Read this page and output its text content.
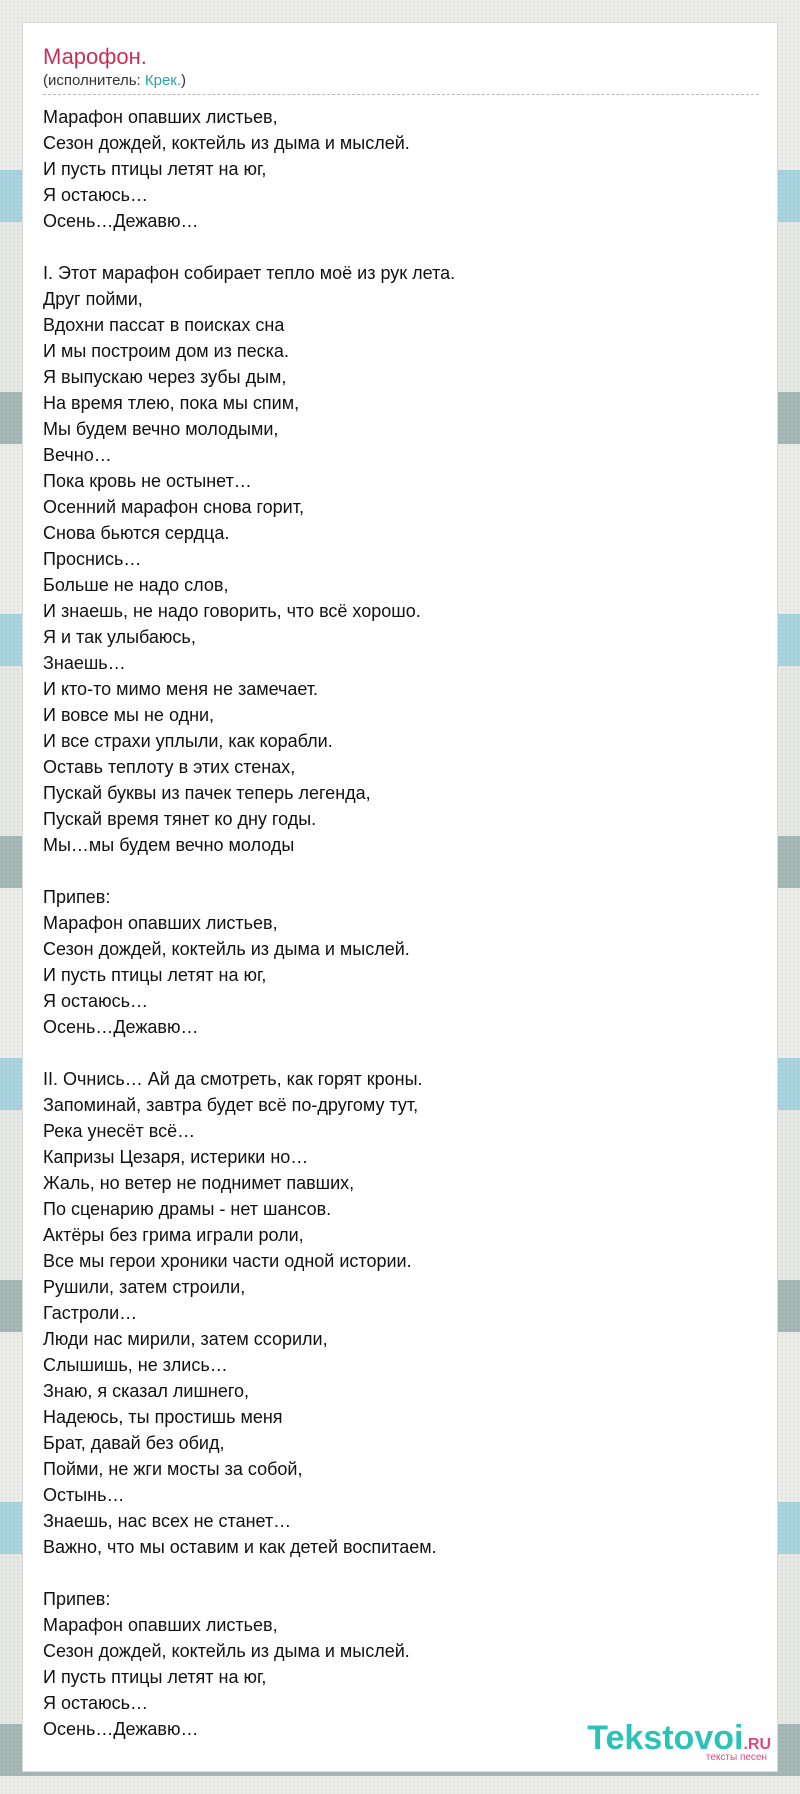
Марофон.
(исполнитель: Крек.)
Марафон опавших листьев,
Сезон дождей, коктейль из дыма и мыслей.
И пусть птицы летят на юг,
Я остаюсь…
Осень…Дежавю…
I. Этот марафон собирает тепло моё из рук лета.
Друг пойми,
Вдохни пассат в поисках сна
И мы построим дом из песка.
Я выпускаю через зубы дым,
На время тлею, пока мы спим,
Мы будем вечно молодыми,
Вечно…
Пока кровь не остынет…
Осенний марафон снова горит,
Снова бьются сердца.
Проснись…
Больше не надо слов,
И знаешь, не надо говорить, что всё хорошо.
Я и так улыбаюсь,
Знаешь…
И кто-то мимо меня не замечает.
И вовсе мы не одни,
И все страхи уплыли, как корабли.
Оставь теплоту в этих стенах,
Пускай буквы из пачек теперь легенда,
Пускай время тянет ко дну годы.
Мы…мы будем вечно молоды
Припев:
Марафон опавших листьев,
Сезон дождей, коктейль из дыма и мыслей.
И пусть птицы летят на юг,
Я остаюсь…
Осень…Дежавю…
II. Очнись… Ай да смотреть, как горят кроны.
Запоминай, завтра будет всё по-другому тут,
Река унесёт всё…
Капризы Цезаря, истерики но…
Жаль, но ветер не поднимет павших,
По сценарию драмы - нет шансов.
Актёры без грима играли роли,
Все мы герои хроники части одной истории.
Рушили, затем строили,
Гастроли…
Люди нас мирили, затем ссорили,
Слышишь, не злись…
Знаю, я сказал лишнего,
Надеюсь, ты простишь меня
Брат, давай без обид,
Пойми, не жги мосты за собой,
Остынь…
Знаешь, нас всех не станет…
Важно, что мы оставим и как детей воспитаем.
Припев:
Марафон опавших листьев,
Сезон дождей, коктейль из дыма и мыслей.
И пусть птицы летят на юг,
Я остаюсь…
Осень…Дежавю…	Tekstovoi.RU
тексты песен
